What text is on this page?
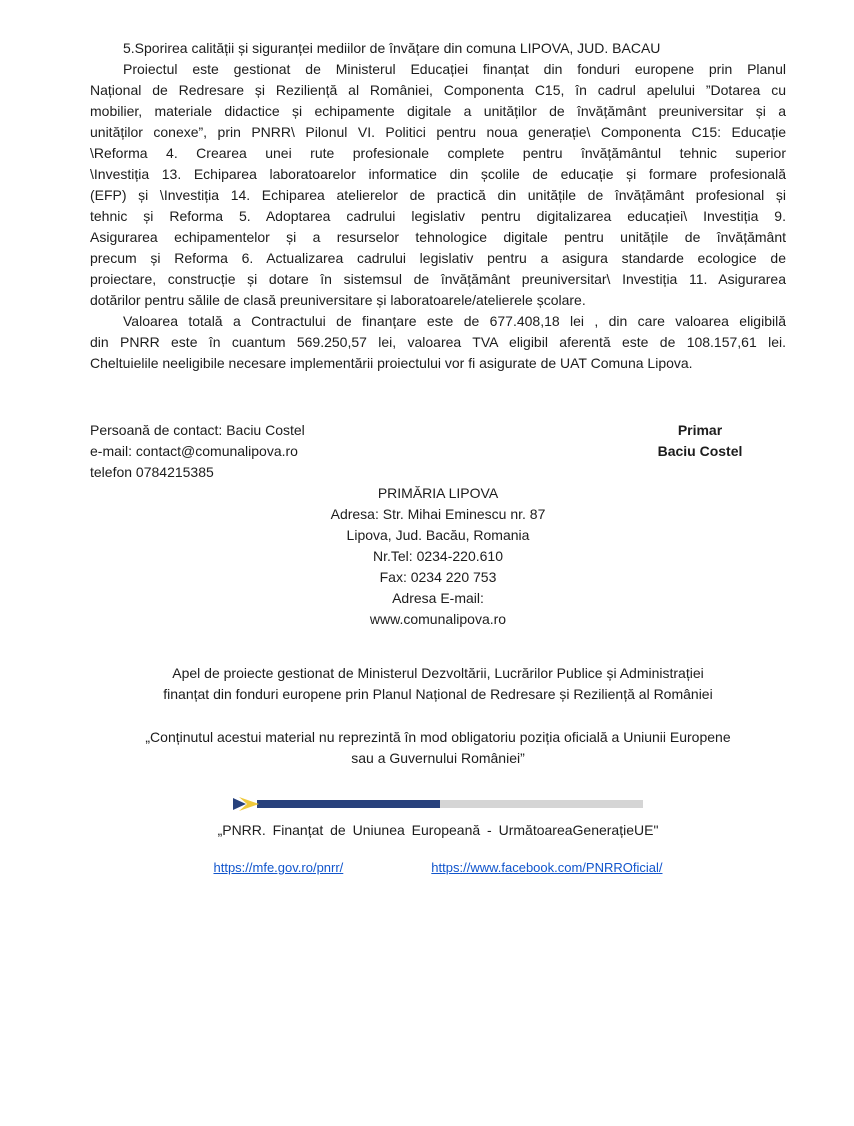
5.Sporirea calității și siguranței mediilor de învățare din comuna LIPOVA, JUD. BACAU
Proiectul este gestionat de Ministerul Educației finanțat din fonduri europene prin Planul
Național de Redresare și Reziliență al României, Componenta C15, în cadrul apelului ”Dotarea cu
mobilier, materiale didactice și echipamente digitale a unităților de învățământ preuniversitar și a
unităților conexe”, prin PNRR\ Pilonul VI. Politici pentru noua generație\ Componenta C15: Educație
\Reforma 4. Crearea unei rute profesionale complete pentru învățământul tehnic superior
\Investiția 13. Echiparea laboratoarelor informatice din școlile de educație și formare profesională
(EFP) și \Investiția 14. Echiparea atelierelor de practică din unitățile de învățământ profesional și
tehnic și Reforma 5. Adoptarea cadrului legislativ pentru digitalizarea educației\ Investiția 9.
Asigurarea echipamentelor și a resurselor tehnologice digitale pentru unitățile de învățământ
precum și Reforma 6. Actualizarea cadrului legislativ pentru a asigura standarde ecologice de
proiectare, construcție și dotare în sistemsul de învățământ preuniversitar\ Investiția 11. Asigurarea
dotărilor pentru sălile de clasă preuniversitare și laboratoarele/atelierele școlare.
Valoarea totală a Contractului de finanțare este de 677.408,18 lei , din care valoarea eligibilă
din PNRR este în cuantum 569.250,57 lei, valoarea TVA eligibil aferentă este de 108.157,61 lei.
Cheltuielile neeligibile necesare implementării proiectului vor fi asigurate de UAT Comuna Lipova.
Persoană de contact: Baciu Costel
e-mail: contact@comunalipova.ro
telefon 0784215385
Primar
Baciu Costel
PRIMĂRIA LIPOVA
Adresa: Str. Mihai Eminescu nr. 87
Lipova, Jud. Bacău, Romania
Nr.Tel: 0234-220.610
Fax: 0234 220 753
Adresa E-mail:
www.comunalipova.ro
Apel de proiecte gestionat de Ministerul Dezvoltării, Lucrărilor Publice și Administrației
finanțat din fonduri europene prin Planul Național de Redresare și Reziliență al României
„Conținutul acestui material nu reprezintă în mod obligatoriu poziția oficială a Uniunii Europene
sau a Guvernului României”
„PNRR. Finanțat de Uniunea Europeană - UrmătoareaGenerațieUE"
https://mfe.gov.ro/pnrr/	https://www.facebook.com/PNRROficial/
